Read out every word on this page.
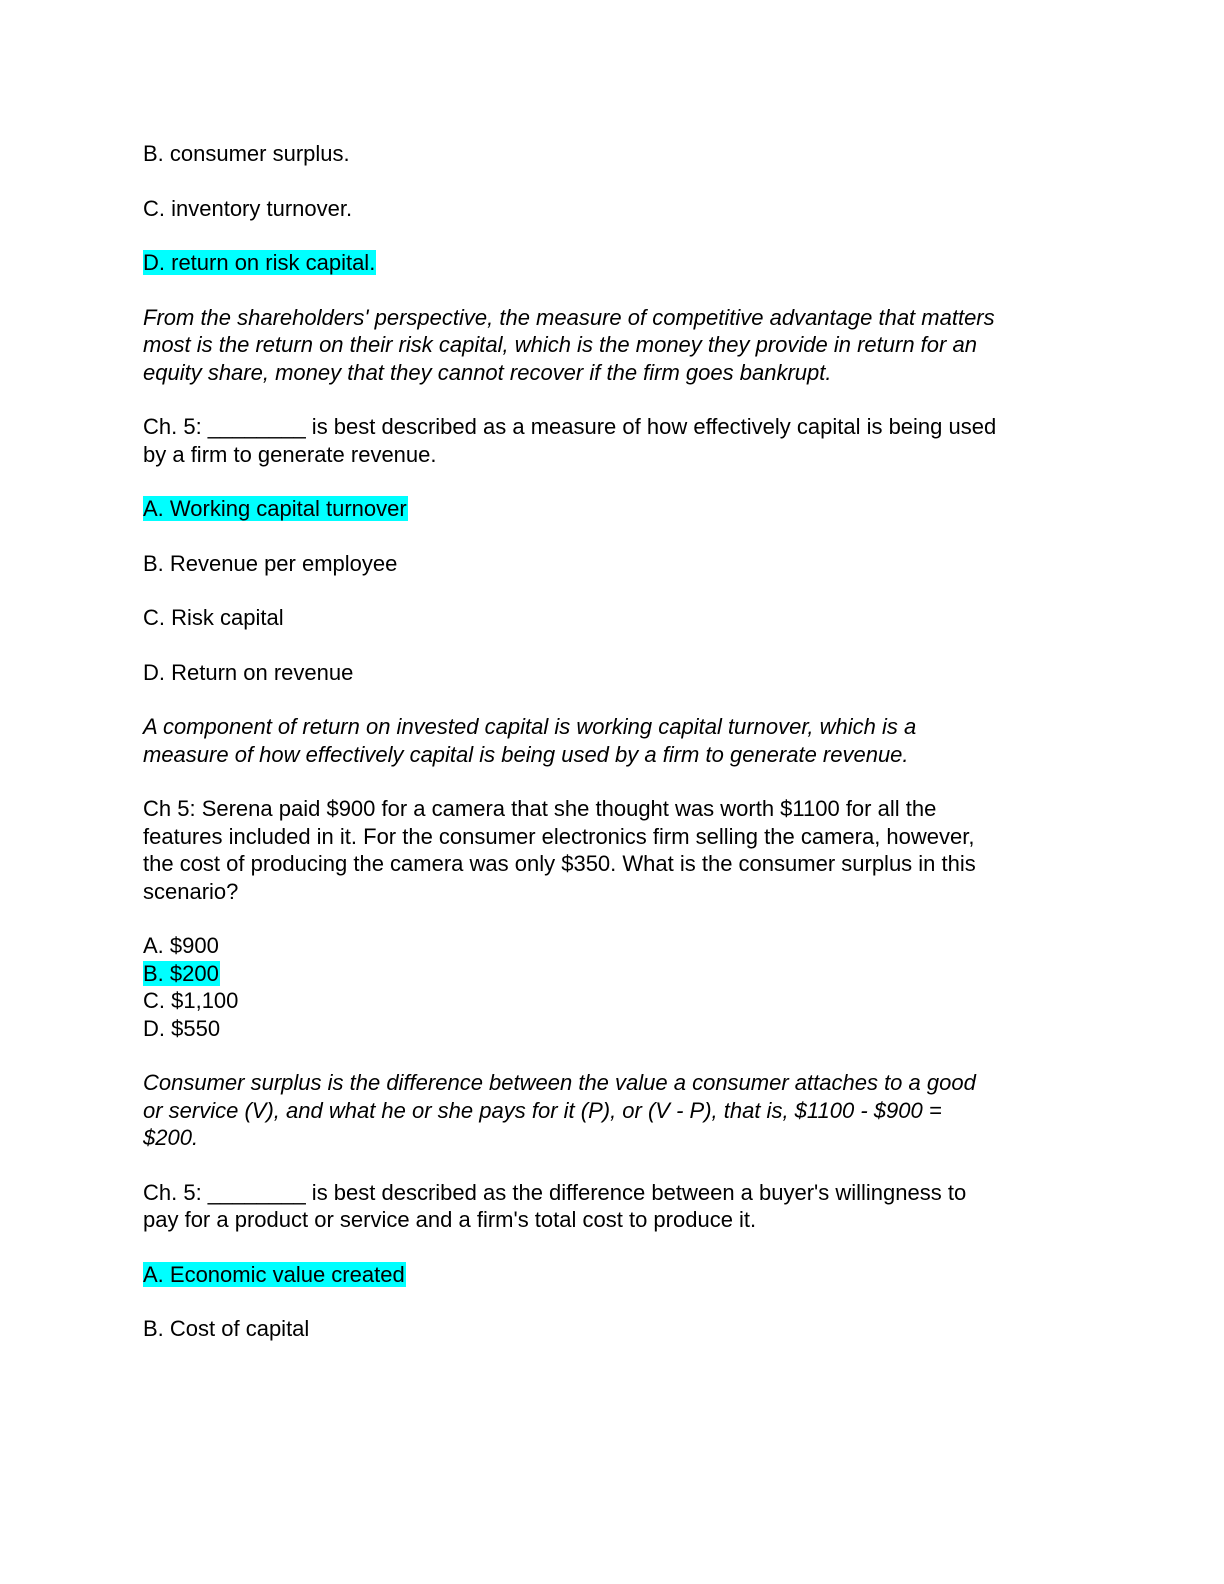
B. consumer surplus.

C. inventory turnover.

D. return on risk capital.

From the shareholders' perspective, the measure of competitive advantage that matters
most is the return on their risk capital, which is the money they provide in return for an
equity share, money that they cannot recover if the firm goes bankrupt.

Ch. 5: ________ is best described as a measure of how effectively capital is being used
by a firm to generate revenue.

A. Working capital turnover

B. Revenue per employee

C. Risk capital

D. Return on revenue

A component of return on invested capital is working capital turnover, which is a
measure of how effectively capital is being used by a firm to generate revenue.

Ch 5: Serena paid $900 for a camera that she thought was worth $1100 for all the
features included in it. For the consumer electronics firm selling the camera, however,
the cost of producing the camera was only $350. What is the consumer surplus in this
scenario?

A. $900

B. $200

C. $1,100

D. $550

Consumer surplus is the difference between the value a consumer attaches to a good
or service (V), and what he or she pays for it (P), or (V - P), that is, $1100 - $900 =
$200.

Ch. 5: ________ is best described as the difference between a buyer's willingness to
pay for a product or service and a firm's total cost to produce it.

A. Economic value created

B. Cost of capital
